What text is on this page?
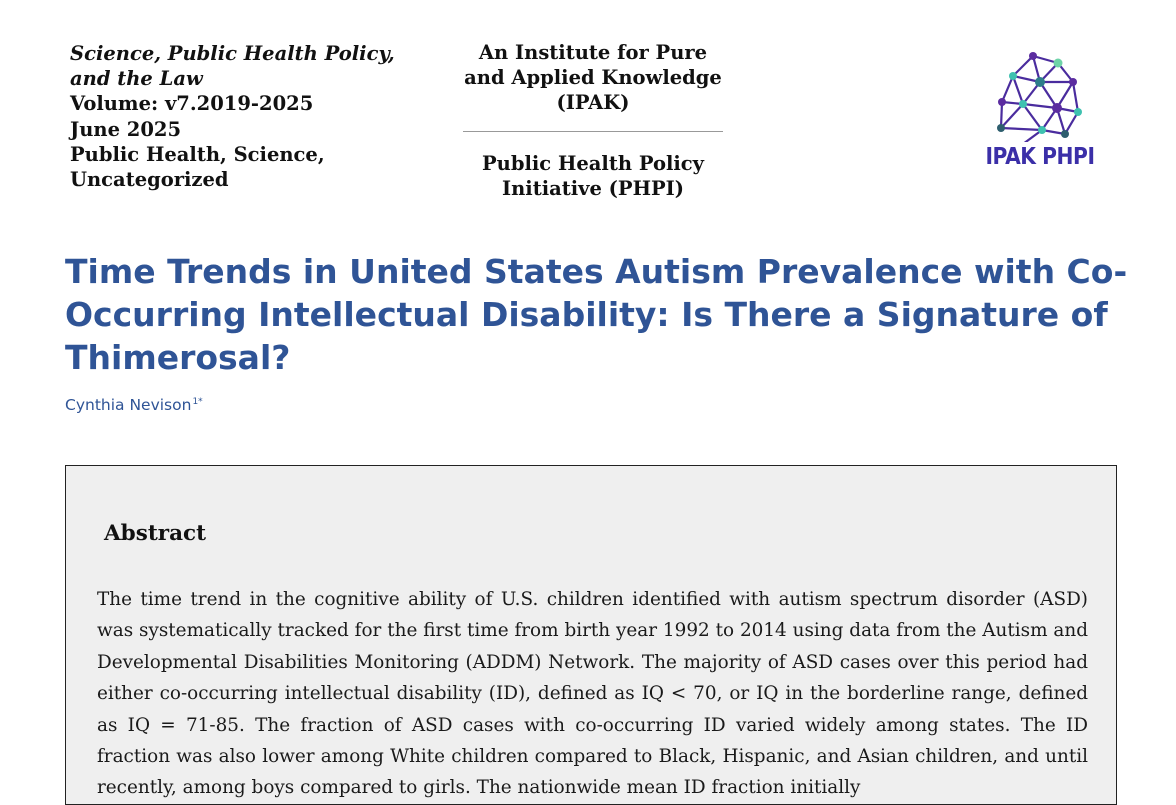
Science, Public Health Policy,
and the Law
Volume: v7.2019-2025
June 2025
Public Health, Science,
Uncategorized
An Institute for Pure
and Applied Knowledge
(IPAK)
Public Health Policy
Initiative (PHPI)
IPAK PHPI
Time Trends in United States Autism Prevalence with Co-Occurring Intellectual Disability: Is There a Signature of Thimerosal?
Cynthia Nevison$^{1*}$
Abstract

The time trend in the cognitive ability of U.S. children identified with autism spectrum disorder (ASD) was systematically tracked for the first time from birth year 1992 to 2014 using data from the Autism and Developmental Disabilities Monitoring (ADDM) Network. The majority of ASD cases over this period had either co-occurring intellectual disability (ID), defined as IQ < 70, or IQ in the borderline range, defined as IQ = 71-85. The fraction of ASD cases with co-occurring ID varied widely among states. The ID fraction was also lower among White children compared to Black, Hispanic, and Asian children, and until recently, among boys compared to girls. The nationwide mean ID fraction initially
